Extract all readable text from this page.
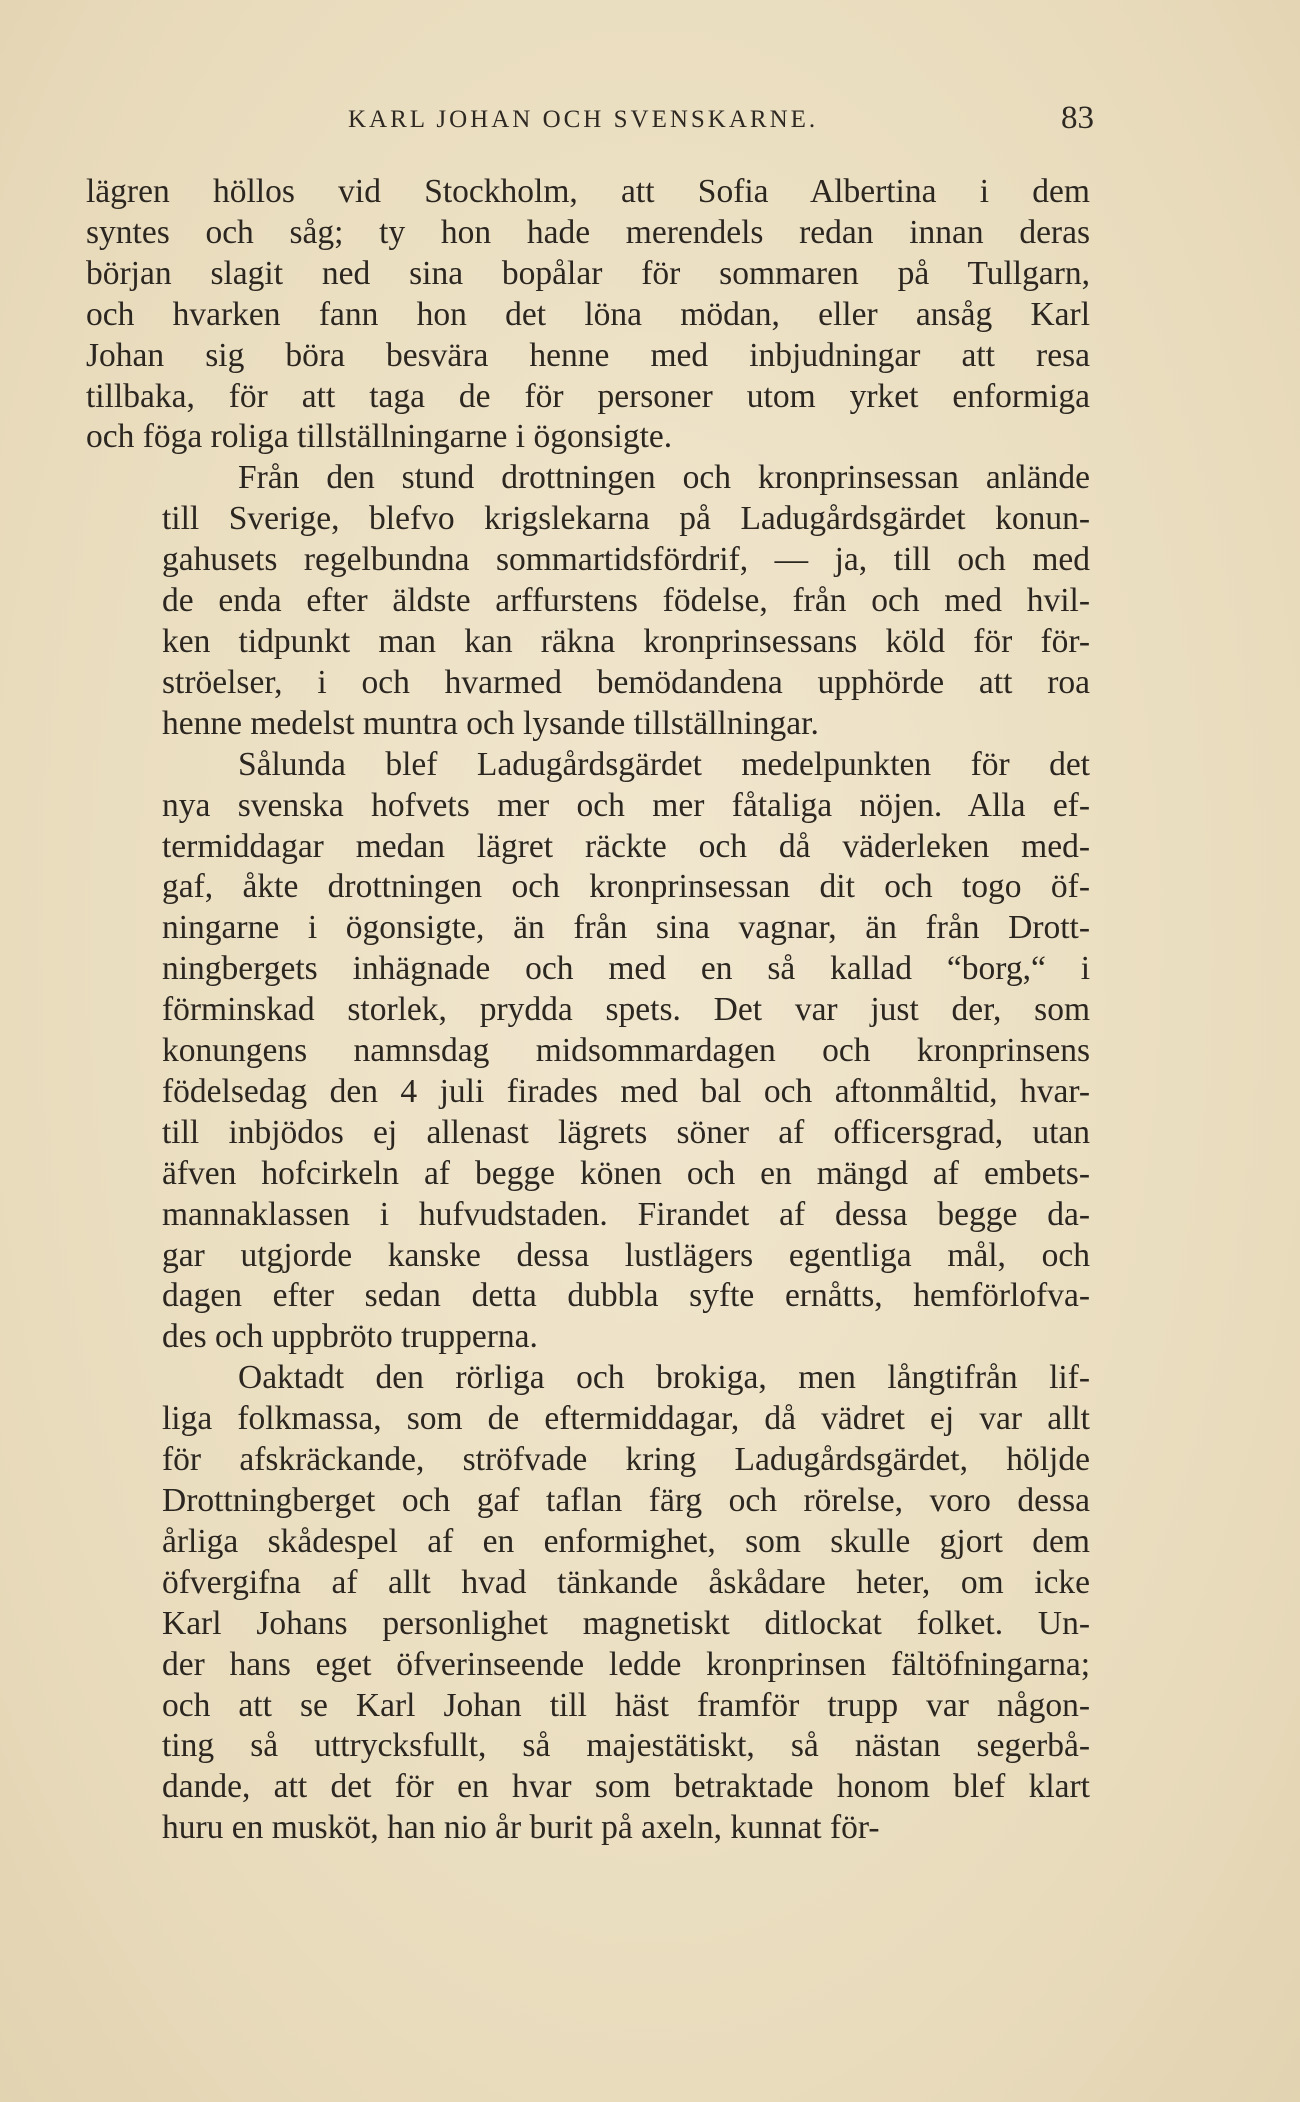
KARL JOHAN OCH SVENSKARNE.	83
lägren höllos vid Stockholm, att Sofia Albertina i dem
syntes och såg; ty hon hade merendels redan innan deras
början slagit ned sina bopålar för sommaren på Tullgarn,
och hvarken fann hon det löna mödan, eller ansåg Karl
Johan sig böra besvära henne med inbjudningar att resa
tillbaka, för att taga de för personer utom yrket enformiga
och föga roliga tillställningarne i ögonsigte.
Från den stund drottningen och kronprinsessan anlände
till Sverige, blefvo krigslekarna på Ladugårdsgärdet konun-
gahusets regelbundna sommartidsfördrif, — ja, till och med
de enda efter äldste arffurstens födelse, från och med hvil-
ken tidpunkt man kan räkna kronprinsessans köld för för-
ströelser, i och hvarmed bemödandena upphörde att roa
henne medelst muntra och lysande tillställningar.
Sålunda blef Ladugårdsgärdet medelpunkten för det
nya svenska hofvets mer och mer fåtaliga nöjen. Alla ef-
termiddagar medan lägret räckte och då väderleken med-
gaf, åkte drottningen och kronprinsessan dit och togo öf-
ningarne i ögonsigte, än från sina vagnar, än från Drott-
ningbergets inhägnade och med en så kallad “borg,“ i
förminskad storlek, prydda spets. Det var just der, som
konungens namnsdag midsommardagen och kronprinsens
födelsedag den 4 juli firades med bal och aftonmåltid, hvar-
till inbjödos ej allenast lägrets söner af officersgrad, utan
äfven hofcirkeln af begge könen och en mängd af embets-
mannaklassen i hufvudstaden. Firandet af dessa begge da-
gar utgjorde kanske dessa lustlägers egentliga mål, och
dagen efter sedan detta dubbla syfte ernåtts, hemförlofva-
des och uppbröto trupperna.
Oaktadt den rörliga och brokiga, men långtifrån lif-
liga folkmassa, som de eftermiddagar, då vädret ej var allt
för afskräckande, ströfvade kring Ladugårdsgärdet, höljde
Drottningberget och gaf taflan färg och rörelse, voro dessa
årliga skådespel af en enformighet, som skulle gjort dem
öfvergifna af allt hvad tänkande åskådare heter, om icke
Karl Johans personlighet magnetiskt ditlockat folket. Un-
der hans eget öfverinseende ledde kronprinsen fältöfningarna;
och att se Karl Johan till häst framför trupp var någon-
ting så uttrycksfullt, så majestätiskt, så nästan segerbå-
dande, att det för en hvar som betraktade honom blef klart
huru en musköt, han nio år burit på axeln, kunnat för-
